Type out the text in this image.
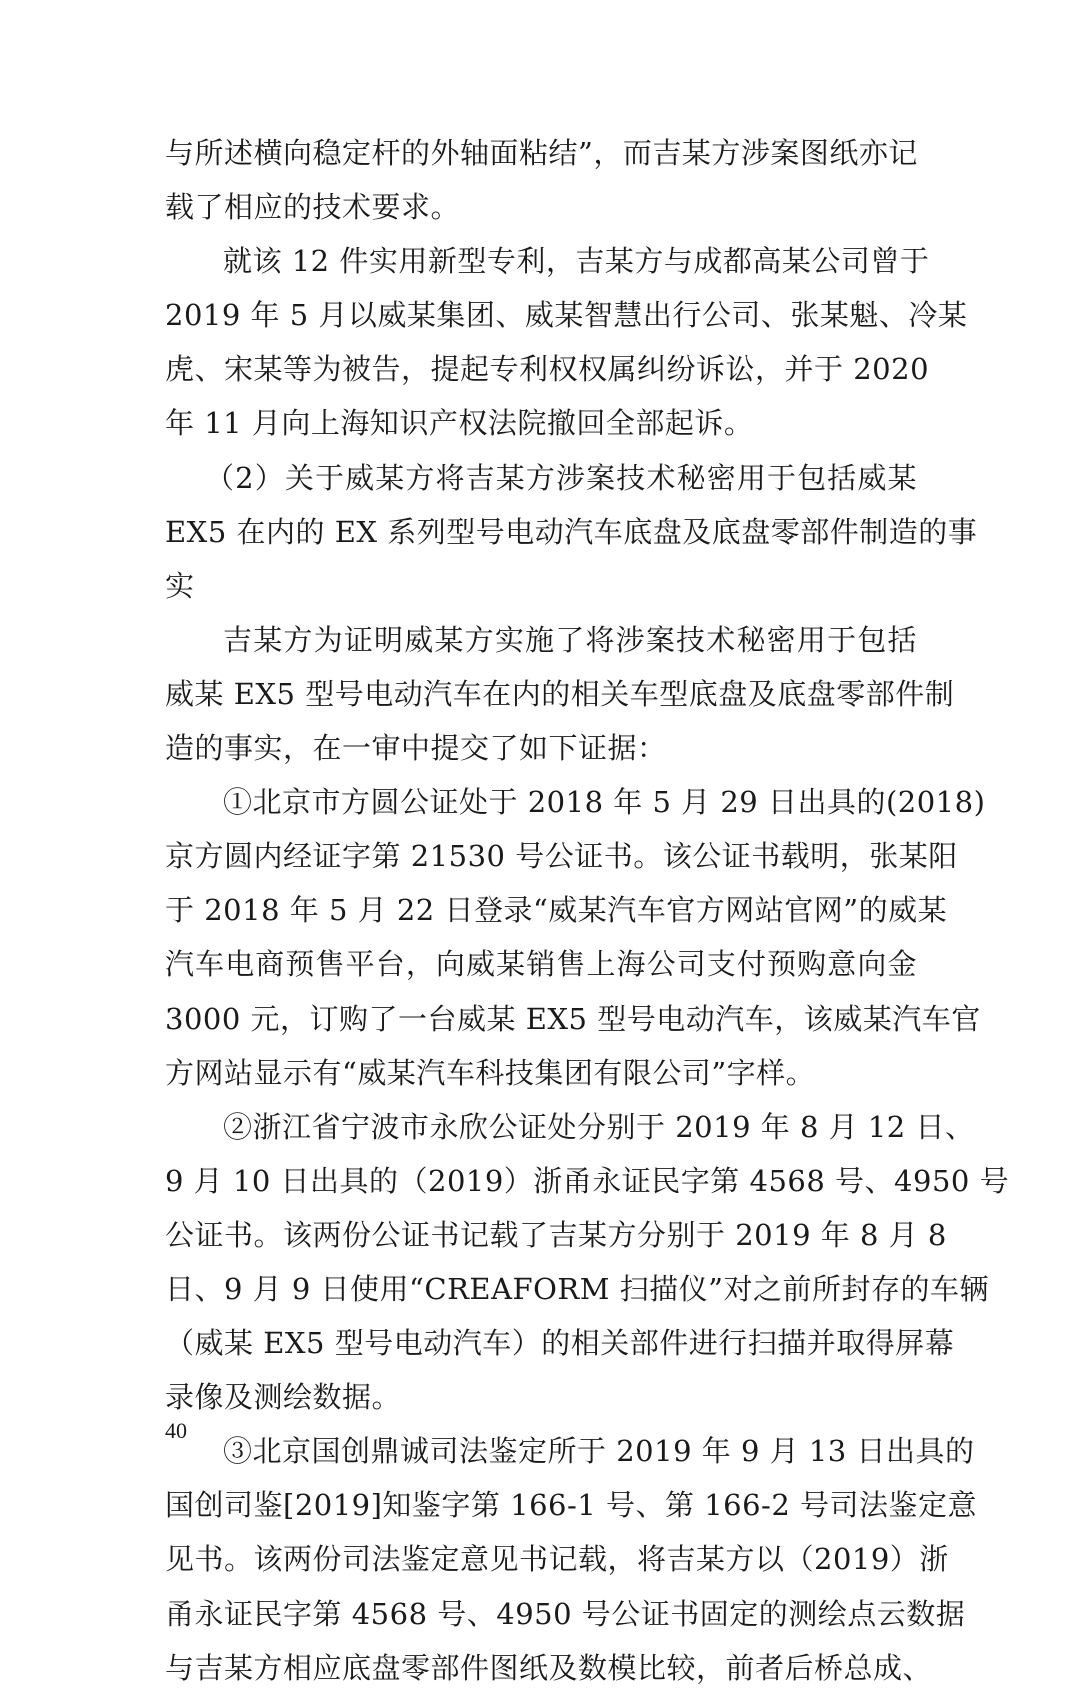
与所述横向稳定杆的外轴面粘结”，而吉某方涉案图纸亦记
载了相应的技术要求。
就该 12 件实用新型专利，吉某方与成都高某公司曾于
2019 年 5 月以威某集团、威某智慧出行公司、张某魁、冷某
虎、宋某等为被告，提起专利权权属纠纷诉讼，并于 2020
年 11 月向上海知识产权法院撤回全部起诉。
（2）关于威某方将吉某方涉案技术秘密用于包括威某
EX5 在内的 EX 系列型号电动汽车底盘及底盘零部件制造的事
实
吉某方为证明威某方实施了将涉案技术秘密用于包括
威某 EX5 型号电动汽车在内的相关车型底盘及底盘零部件制
造的事实，在一审中提交了如下证据：
①北京市方圆公证处于 2018 年 5 月 29 日出具的(2018)
京方圆内经证字第 21530 号公证书。该公证书载明，张某阳
于 2018 年 5 月 22 日登录“威某汽车官方网站官网”的威某
汽车电商预售平台，向威某销售上海公司支付预购意向金
3000 元，订购了一台威某 EX5 型号电动汽车，该威某汽车官
方网站显示有“威某汽车科技集团有限公司”字样。
②浙江省宁波市永欣公证处分别于 2019 年 8 月 12 日、
9 月 10 日出具的（2019）浙甬永证民字第 4568 号、4950 号
公证书。该两份公证书记载了吉某方分别于 2019 年 8 月 8
日、9 月 9 日使用“CREAFORM 扫描仪”对之前所封存的车辆
（威某 EX5 型号电动汽车）的相关部件进行扫描并取得屏幕
录像及测绘数据。
③北京国创鼎诚司法鉴定所于 2019 年 9 月 13 日出具的
国创司鉴[2019]知鉴字第 166-1 号、第 166-2 号司法鉴定意
见书。该两份司法鉴定意见书记载，将吉某方以（2019）浙
甬永证民字第 4568 号、4950 号公证书固定的测绘点云数据
与吉某方相应底盘零部件图纸及数模比较，前者后桥总成、
40
